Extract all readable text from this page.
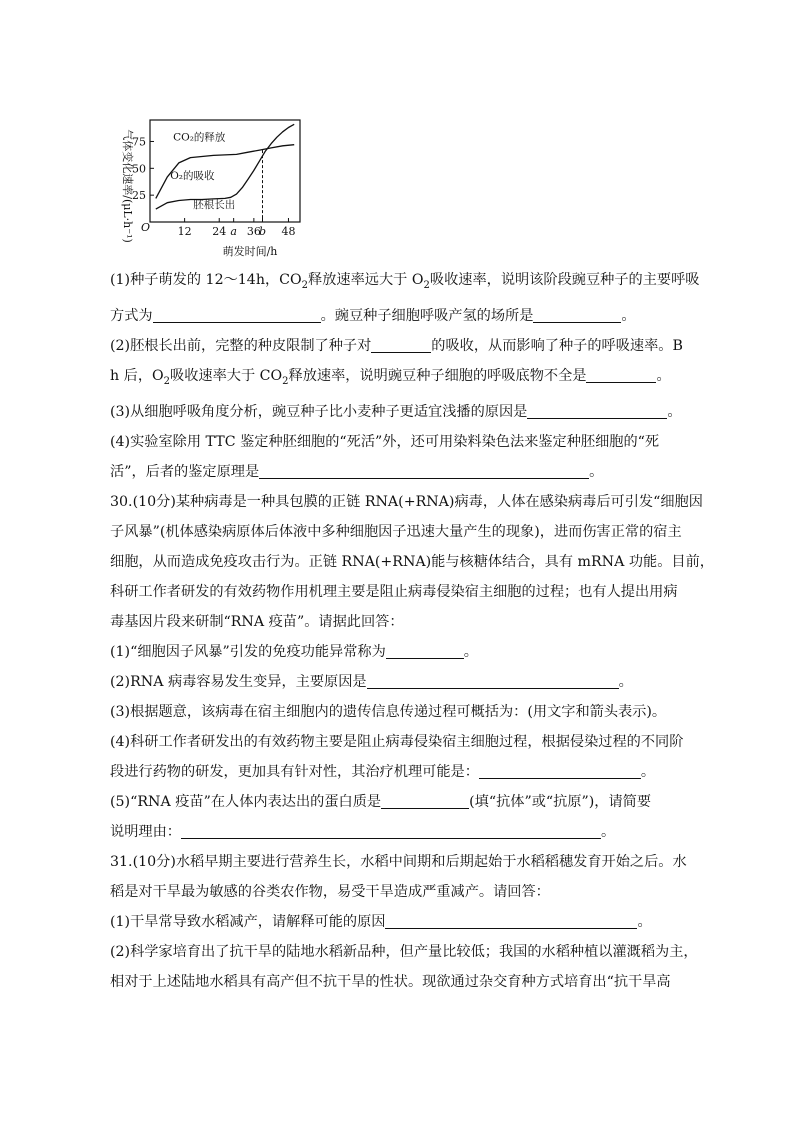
气体变化速率/(μL·h⁻¹)
75
50
25
12 24 a 36
b 48
O
CO₂的释放
O₂的吸收
胚根长出
萌发时间/h

(1)种子萌发的 12～14h，$CO_2$释放速率远大于 $O_2$吸收速率，说明该阶段豌豆种子的主要呼吸

方式为	。豌豆种子细胞呼吸产氢的场所是	。

(2)胚根长出前，完整的种皮限制了种子对	的吸收，从而影响了种子的呼吸速率。B

h 后，$O_2$吸收速率大于 $CO_2$释放速率，说明豌豆种子细胞的呼吸底物不全是	。

(3)从细胞呼吸角度分析，豌豆种子比小麦种子更适宜浅播的原因是	。

(4)实验室除用 TTC 鉴定种胚细胞的“死活”外，还可用染料染色法来鉴定种胚细胞的“死

活”，后者的鉴定原理是	。

30.(10分)某种病毒是一种具包膜的正链 RNA(+RNA)病毒，人体在感染病毒后可引发“细胞因

子风暴”(机体感染病原体后体液中多种细胞因子迅速大量产生的现象)，进而伤害正常的宿主

细胞，从而造成免疫攻击行为。正链 RNA(+RNA)能与核糖体结合，具有 mRNA 功能。目前，

科研工作者研发的有效药物作用机理主要是阻止病毒侵染宿主细胞的过程；也有人提出用病

毒基因片段来研制“RNA 疫苗”。请据此回答：

(1)“细胞因子风暴”引发的免疫功能异常称为	。

(2)RNA 病毒容易发生变异，主要原因是	。

(3)根据题意，该病毒在宿主细胞内的遗传信息传递过程可概括为：(用文字和箭头表示)。

(4)科研工作者研发出的有效药物主要是阻止病毒侵染宿主细胞过程，根据侵染过程的不同阶

段进行药物的研发，更加具有针对性，其治疗机理可能是：	。

(5)“RNA 疫苗”在人体内表达出的蛋白质是	(填“抗体”或“抗原”)，请简要

说明理由：	。

31.(10分)水稻早期主要进行营养生长，水稻中间期和后期起始于水稻稻穗发育开始之后。水

稻是对干旱最为敏感的谷类农作物，易受干旱造成严重减产。请回答：

(1)干旱常导致水稻减产，请解释可能的原因	。

(2)科学家培育出了抗干旱的陆地水稻新品种，但产量比较低；我国的水稻种植以灌溉稻为主，

相对于上述陆地水稻具有高产但不抗干旱的性状。现欲通过杂交育种方式培育出“抗干旱高
